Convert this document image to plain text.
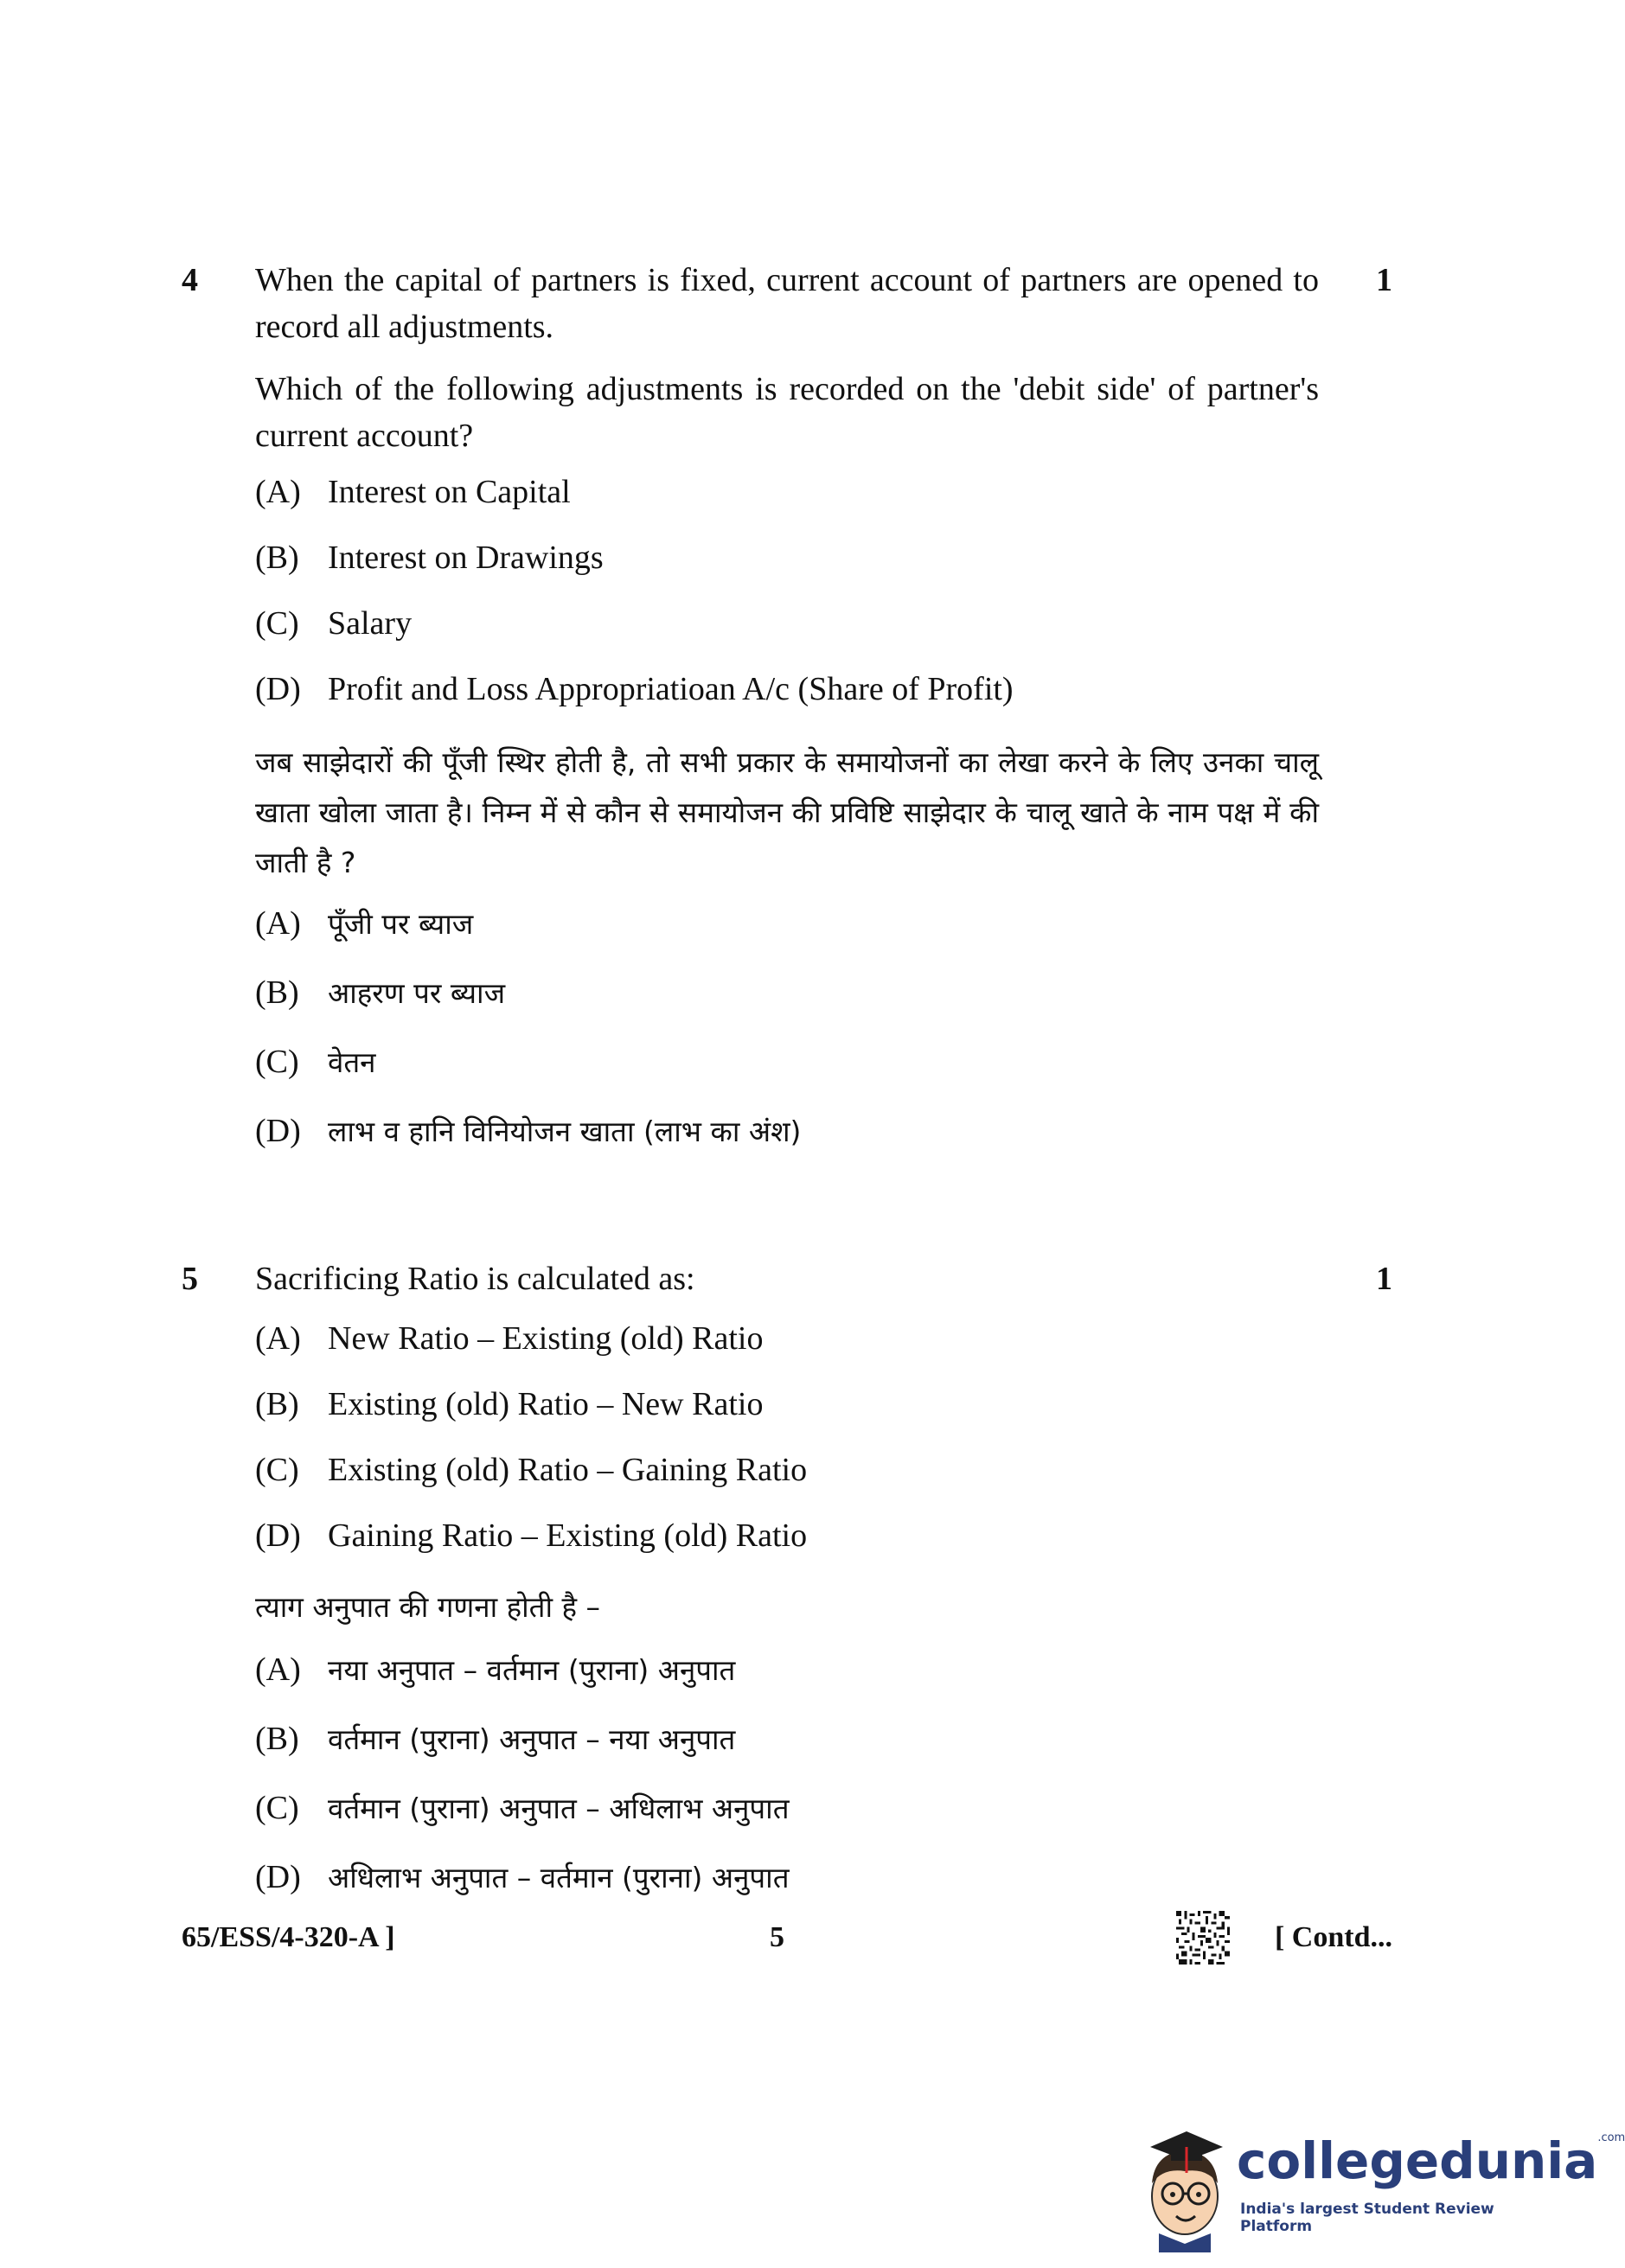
4	1

When the capital of partners is fixed, current account of partners are opened to record all adjustments.

Which of the following adjustments is recorded on the 'debit side' of partner's current account?

(A) Interest on Capital
(B) Interest on Drawings
(C) Salary
(D) Profit and Loss Appropriatioan A/c (Share of Profit)

जब साझेदारों की पूँजी स्थिर होती है, तो सभी प्रकार के समायोजनों का लेखा करने के लिए उनका चालू खाता खोला जाता है। निम्न में से कौन से समायोजन की प्रविष्टि साझेदार के चालू खाते के नाम पक्ष में की जाती है ?

(A) पूँजी पर ब्याज
(B)	आहरण पर ब्याज
(C)	वेतन
(D) लाभ व हानि विनियोजन खाता (लाभ का अंश)
5	1

Sacrificing Ratio is calculated as:

(A) New Ratio – Existing (old) Ratio
(B) Existing (old) Ratio – New Ratio
(C) Existing (old) Ratio – Gaining Ratio
(D) Gaining Ratio – Existing (old) Ratio

त्याग अनुपात की गणना होती है –

(A) नया अनुपात – वर्तमान (पुराना) अनुपात
(B)	वर्तमान (पुराना) अनुपात – नया अनुपात
(C)	वर्तमान (पुराना) अनुपात – अधिलाभ अनुपात
(D) अधिलाभ अनुपात – वर्तमान (पुराना) अनुपात
65/ESS/4-320-A ]	5	[ Contd...
collegedunia$^{.com}$
India's largest Student Review Platform
